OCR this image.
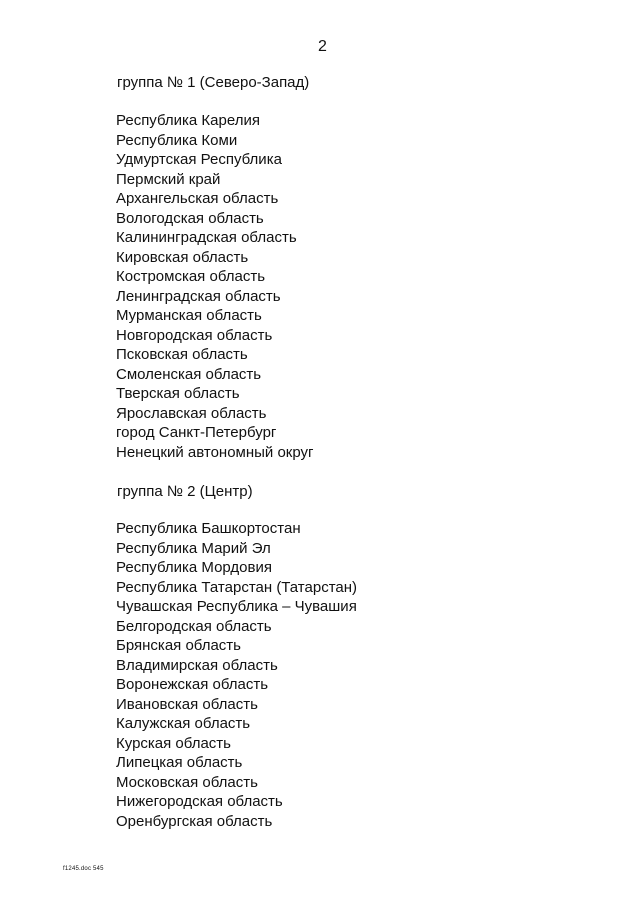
2
группа № 1 (Северо-Запад)
Республика Карелия
Республика Коми
Удмуртская Республика
Пермский край
Архангельская область
Вологодская область
Калининградская область
Кировская область
Костромская область
Ленинградская область
Мурманская область
Новгородская область
Псковская область
Смоленская область
Тверская область
Ярославская область
город Санкт-Петербург
Ненецкий автономный округ
группа № 2 (Центр)
Республика Башкортостан
Республика Марий Эл
Республика Мордовия
Республика Татарстан (Татарстан)
Чувашская Республика – Чувашия
Белгородская область
Брянская область
Владимирская область
Воронежская область
Ивановская область
Калужская область
Курская область
Липецкая область
Московская область
Нижегородская область
Оренбургская область
f1245.doc 545
